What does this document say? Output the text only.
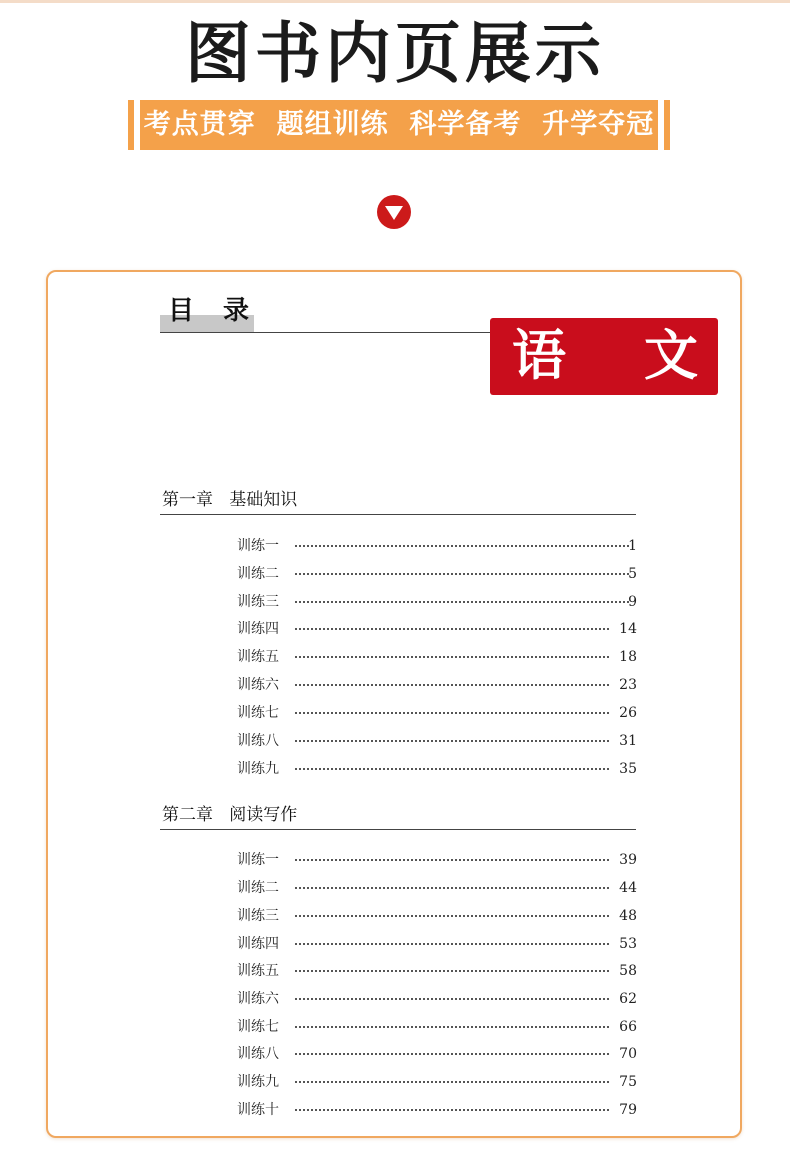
图书内页展示
考点贯穿  题组训练  科学备考  升学夺冠
目 录
语 文
第一章   基础知识
训练一	1
训练二	5
训练三	9
训练四	14
训练五	18
训练六	23
训练七	26
训练八	31
训练九	35
第二章   阅读写作
训练一	39
训练二	44
训练三	48
训练四	53
训练五	58
训练六	62
训练七	66
训练八	70
训练九	75
训练十	79
